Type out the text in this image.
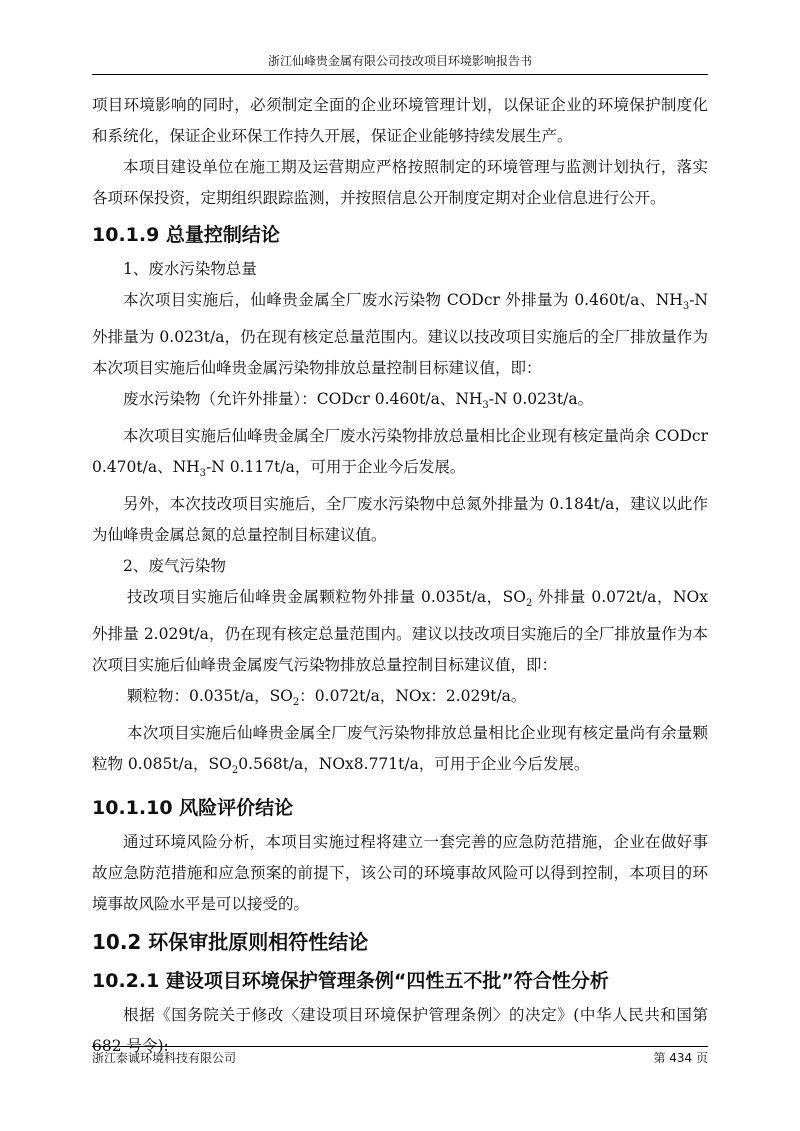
浙江仙峰贵金属有限公司技改项目环境影响报告书

项目环境影响的同时，必须制定全面的企业环境管理计划，以保证企业的环境保护制度化和系统化，保证企业环保工作持久开展，保证企业能够持续发展生产。

本项目建设单位在施工期及运营期应严格按照制定的环境管理与监测计划执行，落实各项环保投资，定期组织跟踪监测，并按照信息公开制度定期对企业信息进行公开。

10.1.9 总量控制结论

1、废水污染物总量

本次项目实施后，仙峰贵金属全厂废水污染物 CODcr 外排量为 0.460t/a、$NH_3-N$ 外排量为 0.023t/a，仍在现有核定总量范围内。建议以技改项目实施后的全厂排放量作为本次项目实施后仙峰贵金属污染物排放总量控制目标建议值，即：

废水污染物（允许外排量）：CODcr 0.460t/a、$NH_3-N$ 0.023t/a。

本次项目实施后仙峰贵金属全厂废水污染物排放总量相比企业现有核定量尚余 CODcr 0.470t/a、$NH_3-N$ 0.117t/a，可用于企业今后发展。

另外，本次技改项目实施后，全厂废水污染物中总氮外排量为 0.184t/a，建议以此作为仙峰贵金属总氮的总量控制目标建议值。

2、废气污染物

技改项目实施后仙峰贵金属颗粒物外排量 0.035t/a，$SO_2$ 外排量 0.072t/a，NOx 外排量 2.029t/a，仍在现有核定总量范围内。建议以技改项目实施后的全厂排放量作为本次项目实施后仙峰贵金属废气污染物排放总量控制目标建议值，即：

颗粒物：0.035t/a，$SO_2$：0.072t/a，NOx：2.029t/a。

本次项目实施后仙峰贵金属全厂废气污染物排放总量相比企业现有核定量尚有余量颗粒物 0.085t/a，$SO_20.568t/a$，NOx8.771t/a，可用于企业今后发展。

10.1.10 风险评价结论

通过环境风险分析，本项目实施过程将建立一套完善的应急防范措施，企业在做好事故应急防范措施和应急预案的前提下，该公司的环境事故风险可以得到控制，本项目的环境事故风险水平是可以接受的。

10.2 环保审批原则相符性结论
10.2.1 建设项目环境保护管理条例“四性五不批”符合性分析

根据《国务院关于修改〈建设项目环境保护管理条例〉的决定》(中华人民共和国第 682 号令):

浙江泰诚环境科技有限公司	第 434 页
